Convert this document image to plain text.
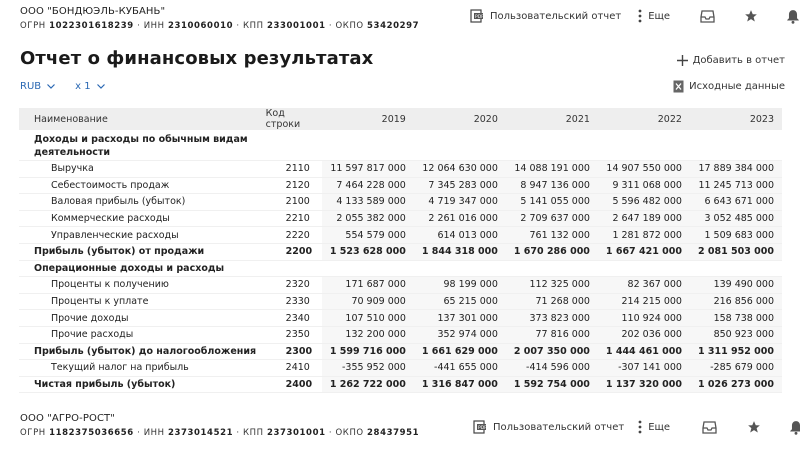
ООО "БОНДЮЭЛЬ-КУБАНЬ"
ОГРН 1022301618239 · ИНН 2310060010 · КПП 233001001 · ОКПО 53420297
PDF Пользовательский отчет	Еще
Отчет о финансовых результатах	Добавить в отчет
Исходные данные
RUB	x 1
Наименование	Код строки	2019	2020	2021	2022	2023
Доходы и расходы по обычным видам деятельности						
Выручка	2110	11 597 817 000	12 064 630 000	14 088 191 000	14 907 550 000	17 889 384 000
Себестоимость продаж	2120	7 464 228 000	7 345 283 000	8 947 136 000	9 311 068 000	11 245 713 000
Валовая прибыль (убыток)	2100	4 133 589 000	4 719 347 000	5 141 055 000	5 596 482 000	6 643 671 000
Коммерческие расходы	2210	2 055 382 000	2 261 016 000	2 709 637 000	2 647 189 000	3 052 485 000
Управленческие расходы	2220	554 579 000	614 013 000	761 132 000	1 281 872 000	1 509 683 000
Прибыль (убыток) от продажи	2200	1 523 628 000	1 844 318 000	1 670 286 000	1 667 421 000	2 081 503 000
Операционные доходы и расходы						
Проценты к получению	2320	171 687 000	98 199 000	112 325 000	82 367 000	139 490 000
Проценты к уплате	2330	70 909 000	65 215 000	71 268 000	214 215 000	216 856 000
Прочие доходы	2340	107 510 000	137 301 000	373 823 000	110 924 000	158 738 000
Прочие расходы	2350	132 200 000	352 974 000	77 816 000	202 036 000	850 923 000
Прибыль (убыток) до налогообложения	2300	1 599 716 000	1 661 629 000	2 007 350 000	1 444 461 000	1 311 952 000
Текущий налог на прибыль	2410	-355 952 000	-441 655 000	-414 596 000	-307 141 000	-285 679 000
Чистая прибыль (убыток)	2400	1 262 722 000	1 316 847 000	1 592 754 000	1 137 320 000	1 026 273 000
ООО "АГРО-РОСТ"
ОГРН 1182375036656 · ИНН 2373014521 · КПП 237301001 · ОКПО 28437951	PDF Пользовательский отчет Еще
